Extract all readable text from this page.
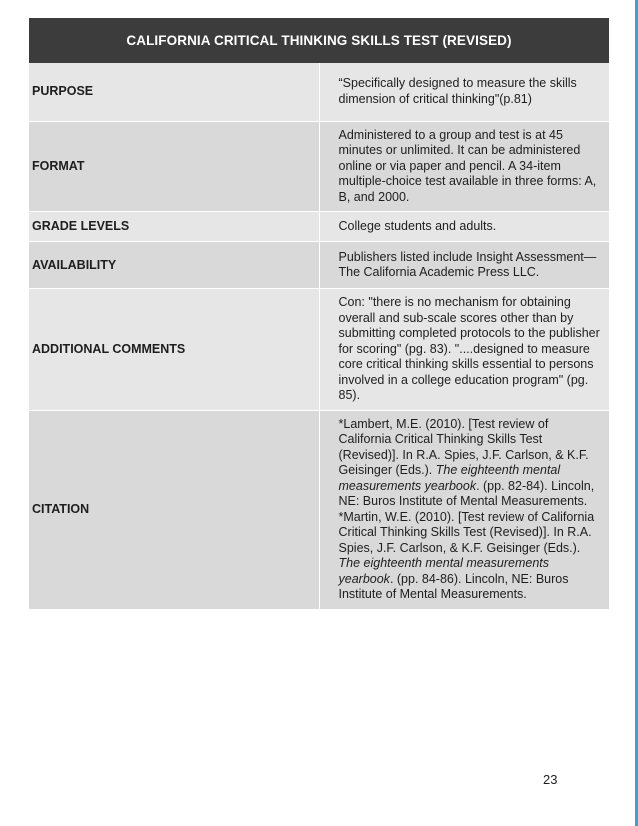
CALIFORNIA CRITICAL THINKING SKILLS TEST (REVISED)	
PURPOSE	“Specifically designed to measure the skills dimension of critical thinking"(p.81)
FORMAT	Administered to a group and test is at 45 minutes or unlimited. It can be administered online or via paper and pencil. A 34-item multiple-choice test available in three forms: A, B, and 2000.
GRADE LEVELS	College students and adults.
AVAILABILITY	Publishers listed include Insight Assessment—The California Academic Press LLC.
ADDITIONAL COMMENTS	Con: "there is no mechanism for obtaining overall and sub-scale scores other than by submitting completed protocols to the publisher for scoring" (pg. 83). "....designed to measure core critical thinking skills essential to persons involved in a college education program" (pg. 85).
CITATION	*Lambert, M.E. (2010). [Test review of California Critical Thinking Skills Test (Revised)]. In R.A. Spies, J.F. Carlson, & K.F. Geisinger (Eds.). The eighteenth mental measurements yearbook. (pp. 82-84). Lincoln, NE: Buros Institute of Mental Measurements.
*Martin, W.E. (2010). [Test review of California Critical Thinking Skills Test (Revised)]. In R.A. Spies, J.F. Carlson, & K.F. Geisinger (Eds.). The eighteenth mental measurements yearbook. (pp. 84-86). Lincoln, NE: Buros Institute of Mental Measurements.
23
